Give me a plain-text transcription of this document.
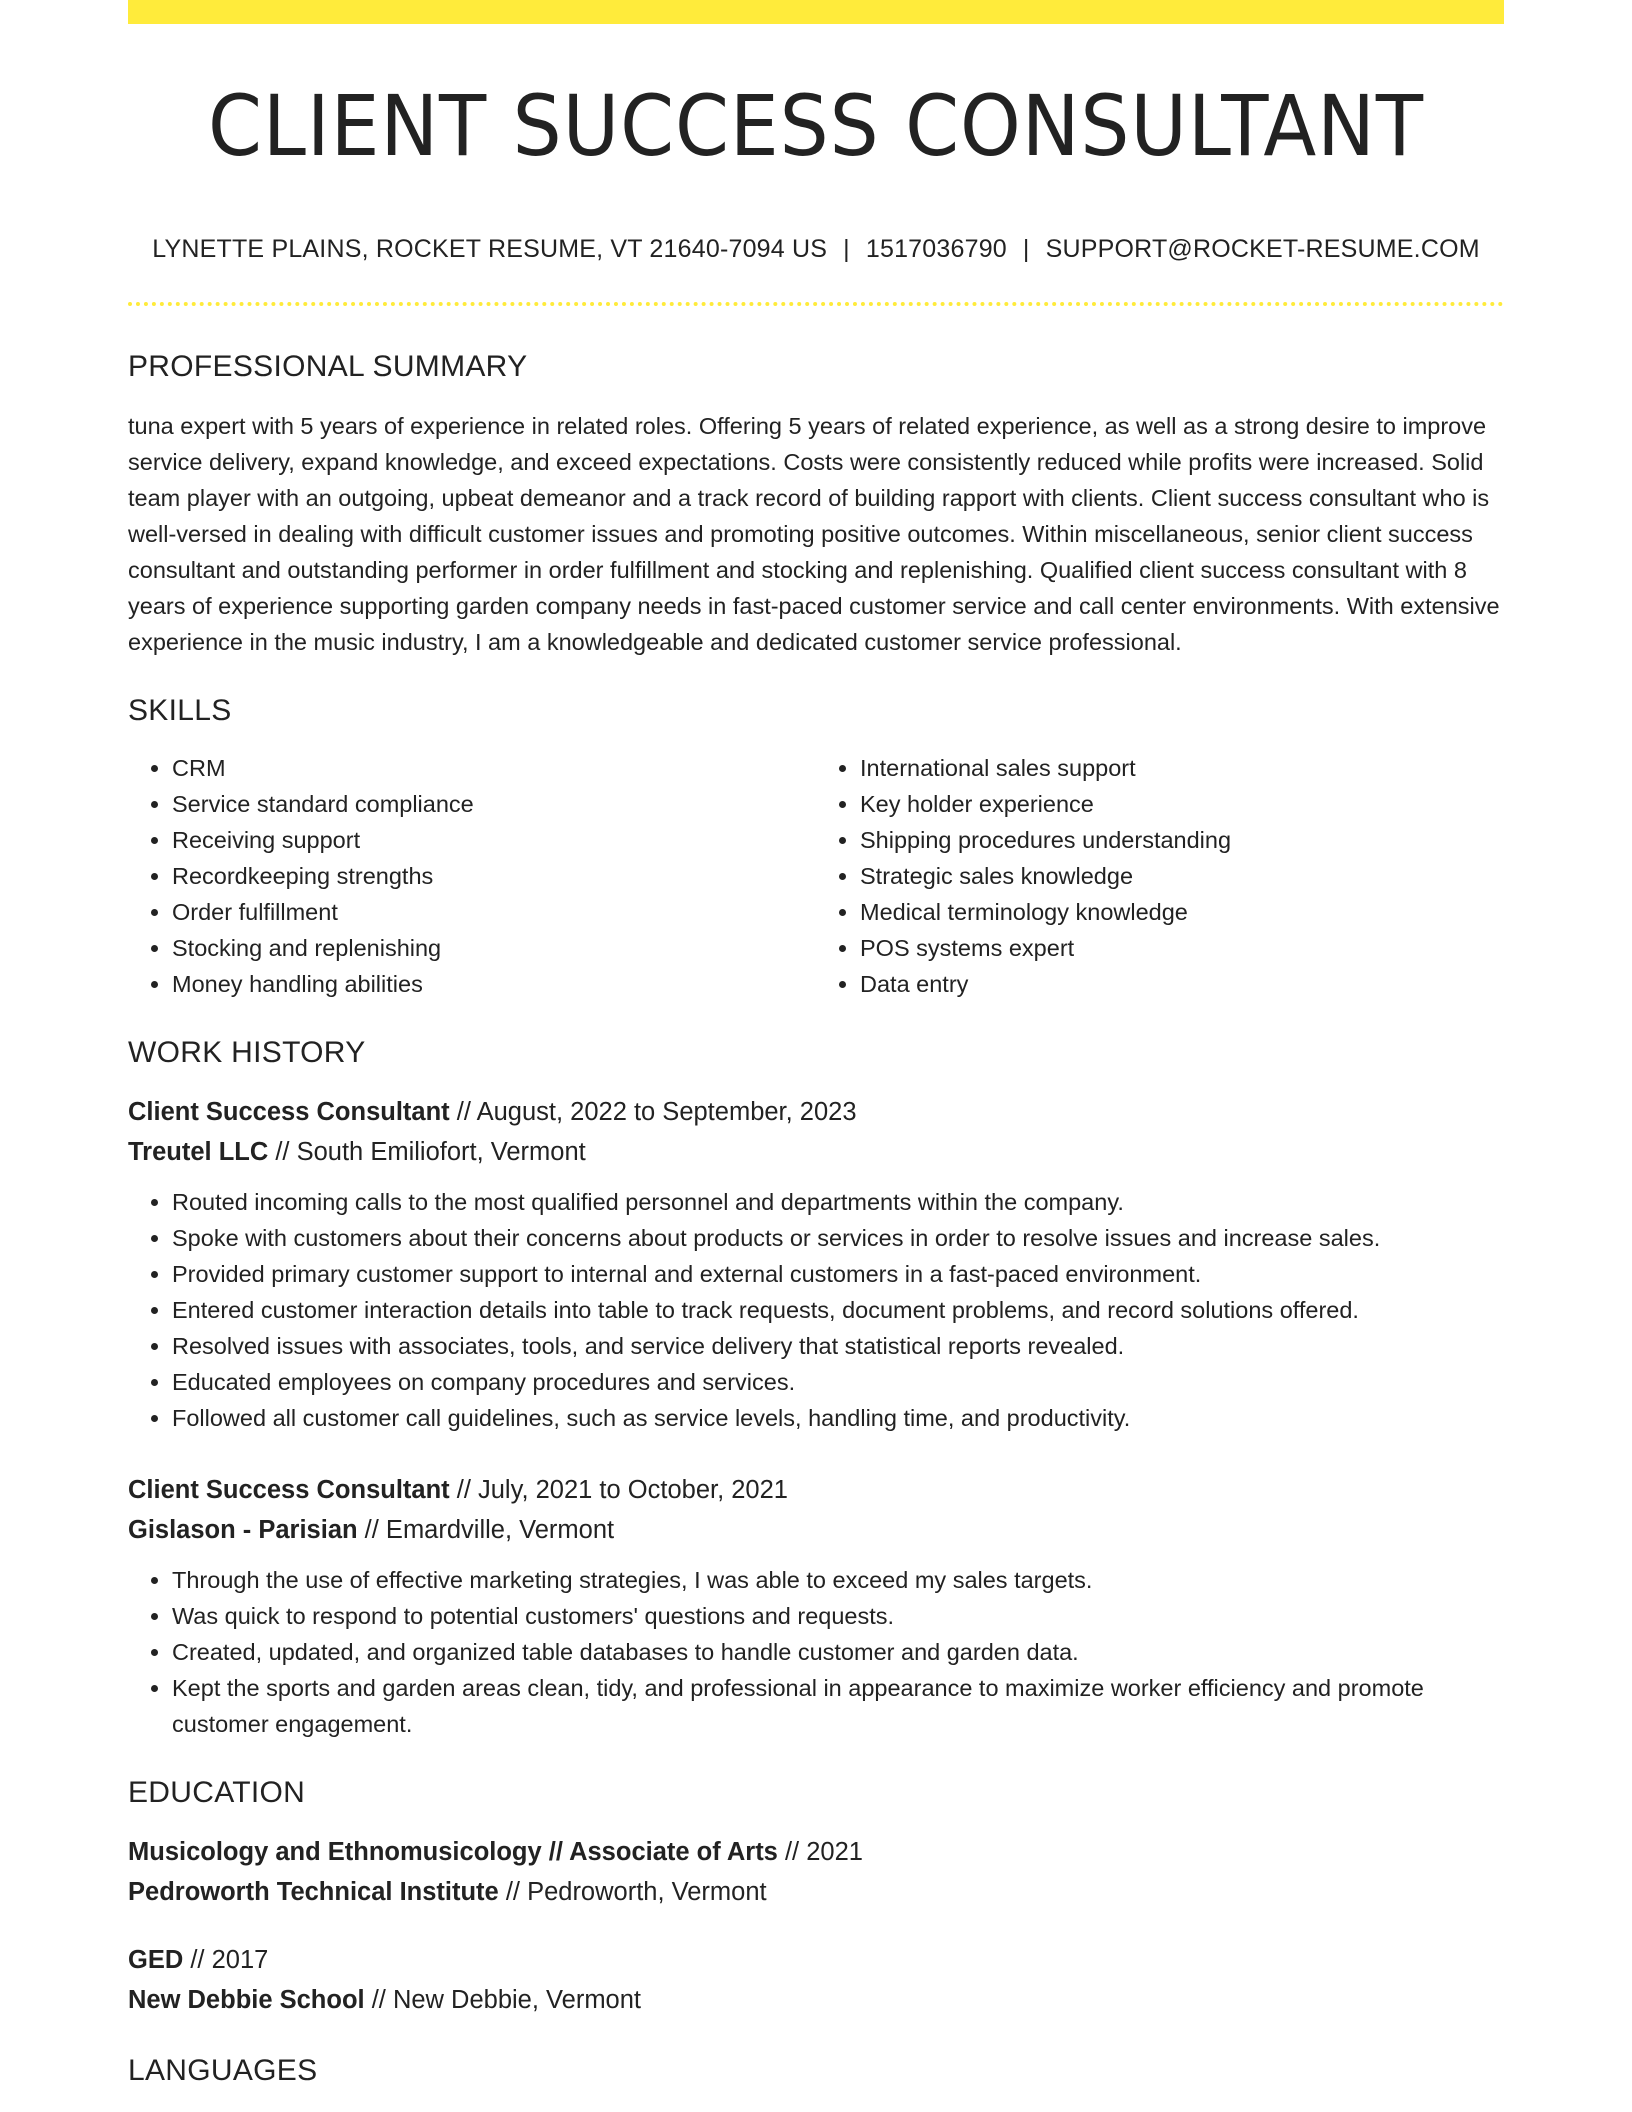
CLIENT SUCCESS CONSULTANT
LYNETTE PLAINS, ROCKET RESUME, VT 21640-7094 US | 1517036790 | SUPPORT@ROCKET-RESUME.COM
PROFESSIONAL SUMMARY
tuna expert with 5 years of experience in related roles. Offering 5 years of related experience, as well as a strong desire to improve service delivery, expand knowledge, and exceed expectations. Costs were consistently reduced while profits were increased. Solid team player with an outgoing, upbeat demeanor and a track record of building rapport with clients. Client success consultant who is well-versed in dealing with difficult customer issues and promoting positive outcomes. Within miscellaneous, senior client success consultant and outstanding performer in order fulfillment and stocking and replenishing. Qualified client success consultant with 8 years of experience supporting garden company needs in fast-paced customer service and call center environments. With extensive experience in the music industry, I am a knowledgeable and dedicated customer service professional.
SKILLS
• CRM
• Service standard compliance
• Receiving support
• Recordkeeping strengths
• Order fulfillment
• Stocking and replenishing
• Money handling abilities
• International sales support
• Key holder experience
• Shipping procedures understanding
• Strategic sales knowledge
• Medical terminology knowledge
• POS systems expert
• Data entry
WORK HISTORY
Client Success Consultant // August, 2022 to September, 2023
Treutel LLC // South Emiliofort, Vermont
• Routed incoming calls to the most qualified personnel and departments within the company.
• Spoke with customers about their concerns about products or services in order to resolve issues and increase sales.
• Provided primary customer support to internal and external customers in a fast-paced environment.
• Entered customer interaction details into table to track requests, document problems, and record solutions offered.
• Resolved issues with associates, tools, and service delivery that statistical reports revealed.
• Educated employees on company procedures and services.
• Followed all customer call guidelines, such as service levels, handling time, and productivity.
Client Success Consultant // July, 2021 to October, 2021
Gislason - Parisian // Emardville, Vermont
• Through the use of effective marketing strategies, I was able to exceed my sales targets.
• Was quick to respond to potential customers' questions and requests.
• Created, updated, and organized table databases to handle customer and garden data.
• Kept the sports and garden areas clean, tidy, and professional in appearance to maximize worker efficiency and promote customer engagement.
EDUCATION
Musicology and Ethnomusicology // Associate of Arts // 2021
Pedroworth Technical Institute // Pedroworth, Vermont
GED // 2017
New Debbie School // New Debbie, Vermont
LANGUAGES
